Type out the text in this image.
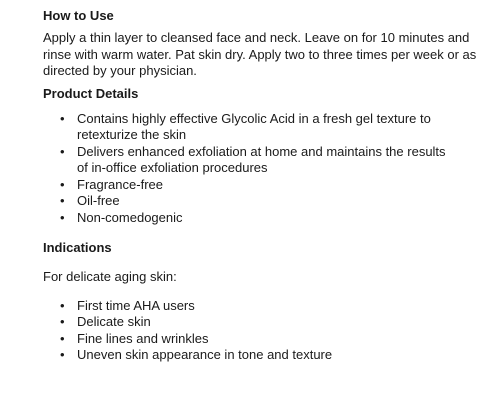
How to Use

Apply a thin layer to cleansed face and neck. Leave on for 10 minutes and rinse with warm water. Pat skin dry. Apply two to three times per week or as directed by your physician.

Product Details

• Contains highly effective Glycolic Acid in a fresh gel texture to retexturize the skin
• Delivers enhanced exfoliation at home and maintains the results of in-office exfoliation procedures
• Fragrance-free
• Oil-free
• Non-comedogenic

Indications

For delicate aging skin:

• First time AHA users
• Delicate skin
• Fine lines and wrinkles
• Uneven skin appearance in tone and texture
